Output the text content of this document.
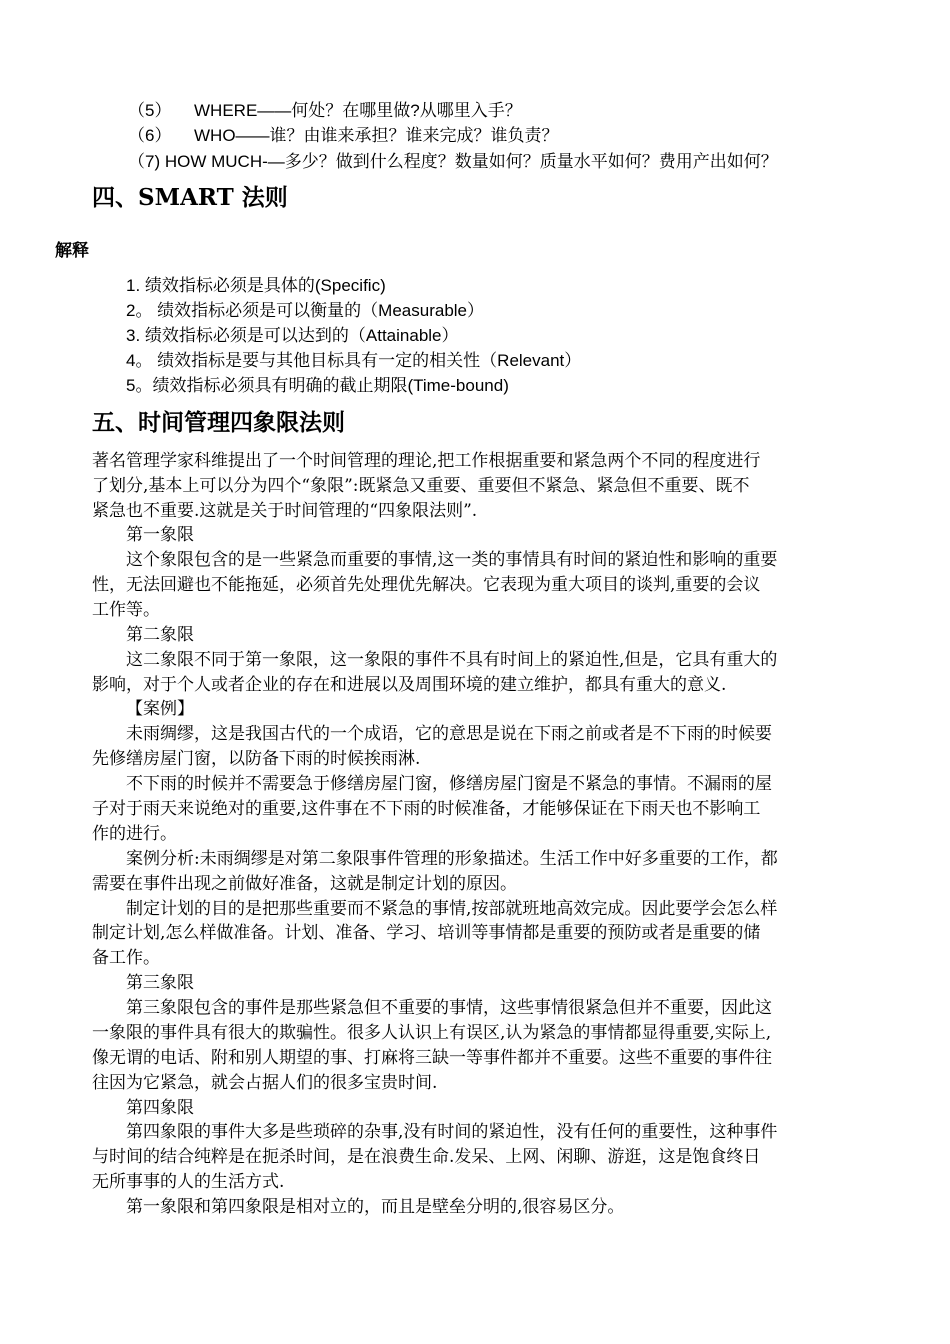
（5） WHERE——何处？在哪里做?从哪里入手？
（6） WHO——谁？由谁来承担？谁来完成？谁负责？
（7) HOW MUCH-—多少？做到什么程度？数量如何？质量水平如何？费用产出如何？
四、SMART 法则
解释
1. 绩效指标必须是具体的(Specific)
2。 绩效指标必须是可以衡量的（Measurable）
3. 绩效指标必须是可以达到的（Attainable）
4。 绩效指标是要与其他目标具有一定的相关性（Relevant）
5。绩效指标必须具有明确的截止期限(Time-bound)
五、时间管理四象限法则
著名管理学家科维提出了一个时间管理的理论,把工作根据重要和紧急两个不同的程度进行
了划分,基本上可以分为四个“象限”:既紧急又重要、重要但不紧急、紧急但不重要、既不
紧急也不重要.这就是关于时间管理的“四象限法则”.
第一象限
这个象限包含的是一些紧急而重要的事情,这一类的事情具有时间的紧迫性和影响的重要
性，无法回避也不能拖延，必须首先处理优先解决。它表现为重大项目的谈判,重要的会议
工作等。
第二象限
这二象限不同于第一象限，这一象限的事件不具有时间上的紧迫性,但是，它具有重大的
影响，对于个人或者企业的存在和进展以及周围环境的建立维护，都具有重大的意义.
【案例】
未雨绸缪，这是我国古代的一个成语，它的意思是说在下雨之前或者是不下雨的时候要
先修缮房屋门窗，以防备下雨的时候挨雨淋.
不下雨的时候并不需要急于修缮房屋门窗，修缮房屋门窗是不紧急的事情。不漏雨的屋
子对于雨天来说绝对的重要,这件事在不下雨的时候准备，才能够保证在下雨天也不影响工
作的进行。
案例分析:未雨绸缪是对第二象限事件管理的形象描述。生活工作中好多重要的工作，都
需要在事件出现之前做好准备，这就是制定计划的原因。
制定计划的目的是把那些重要而不紧急的事情,按部就班地高效完成。因此要学会怎么样
制定计划,怎么样做准备。计划、准备、学习、培训等事情都是重要的预防或者是重要的储
备工作。
第三象限
第三象限包含的事件是那些紧急但不重要的事情，这些事情很紧急但并不重要，因此这
一象限的事件具有很大的欺骗性。很多人认识上有误区,认为紧急的事情都显得重要,实际上,
像无谓的电话、附和别人期望的事、打麻将三缺一等事件都并不重要。这些不重要的事件往
往因为它紧急，就会占据人们的很多宝贵时间.
第四象限
第四象限的事件大多是些琐碎的杂事,没有时间的紧迫性，没有任何的重要性，这种事件
与时间的结合纯粹是在扼杀时间，是在浪费生命.发呆、上网、闲聊、游逛，这是饱食终日
无所事事的人的生活方式.
第一象限和第四象限是相对立的，而且是壁垒分明的,很容易区分。
